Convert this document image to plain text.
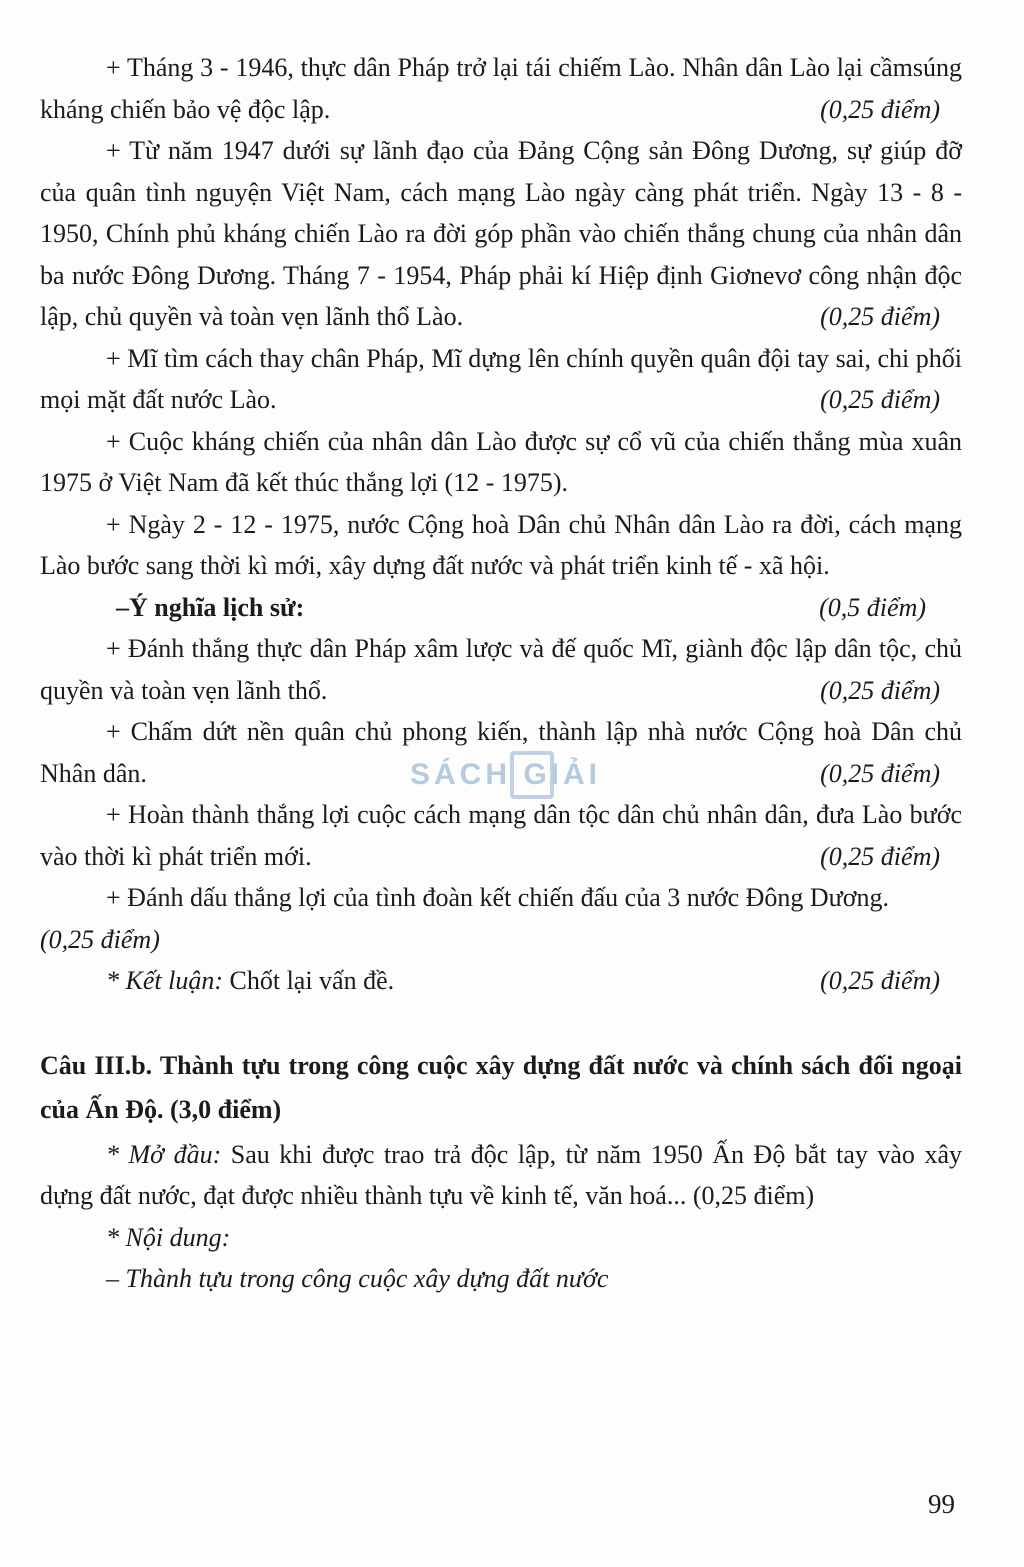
+ Tháng 3 - 1946, thực dân Pháp trở lại tái chiếm Lào. Nhân dân Lào lại cầmsúng kháng chiến bảo vệ độc lập.	(0,25 điểm)

+ Từ năm 1947 dưới sự lãnh đạo của Đảng Cộng sản Đông Dương, sự giúp đỡ của quân tình nguyện Việt Nam, cách mạng Lào ngày càng phát triển. Ngày 13 - 8 - 1950, Chính phủ kháng chiến Lào ra đời góp phần vào chiến thắng chung của nhân dân ba nước Đông Dương. Tháng 7 - 1954, Pháp phải kí Hiệp định Giơnevơ công nhận độc lập, chủ quyền và toàn vẹn lãnh thổ Lào.	(0,25 điểm)

+ Mĩ tìm cách thay chân Pháp, Mĩ dựng lên chính quyền quân đội tay sai, chi phối mọi mặt đất nước Lào.	(0,25 điểm)

+ Cuộc kháng chiến của nhân dân Lào được sự cổ vũ của chiến thắng mùa xuân 1975 ở Việt Nam đã kết thúc thắng lợi (12 - 1975).

+ Ngày 2 - 12 - 1975, nước Cộng hoà Dân chủ Nhân dân Lào ra đời, cách mạng Lào bước sang thời kì mới, xây dựng đất nước và phát triển kinh tế - xã hội.
(0,5 điểm)

–Ý nghĩa lịch sử:

+ Đánh thắng thực dân Pháp xâm lược và đế quốc Mĩ, giành độc lập dân tộc, chủ quyền và toàn vẹn lãnh thổ.	(0,25 điểm)

+ Chấm dứt nền quân chủ phong kiến, thành lập nhà nước Cộng hoà Dân chủ Nhân dân.	(0,25 điểm)

+ Hoàn thành thắng lợi cuộc cách mạng dân tộc dân chủ nhân dân, đưa Lào bước vào thời kì phát triển mới.	(0,25 điểm)

+ Đánh dấu thắng lợi của tình đoàn kết chiến đấu của 3 nước Đông Dương.

(0,25 điểm)

* Kết luận: Chốt lại vấn đề.	(0,25 điểm)

Câu III.b. Thành tựu trong công cuộc xây dựng đất nước và chính sách đối ngoại của Ấn Độ. (3,0 điểm)

* Mở đầu: Sau khi được trao trả độc lập, từ năm 1950 Ấn Độ bắt tay vào xây dựng đất nước, đạt được nhiều thành tựu về kinh tế, văn hoá... (0,25 điểm)

* Nội dung:

– Thành tựu trong công cuộc xây dựng đất nước

SÁCH GIẢI
99
